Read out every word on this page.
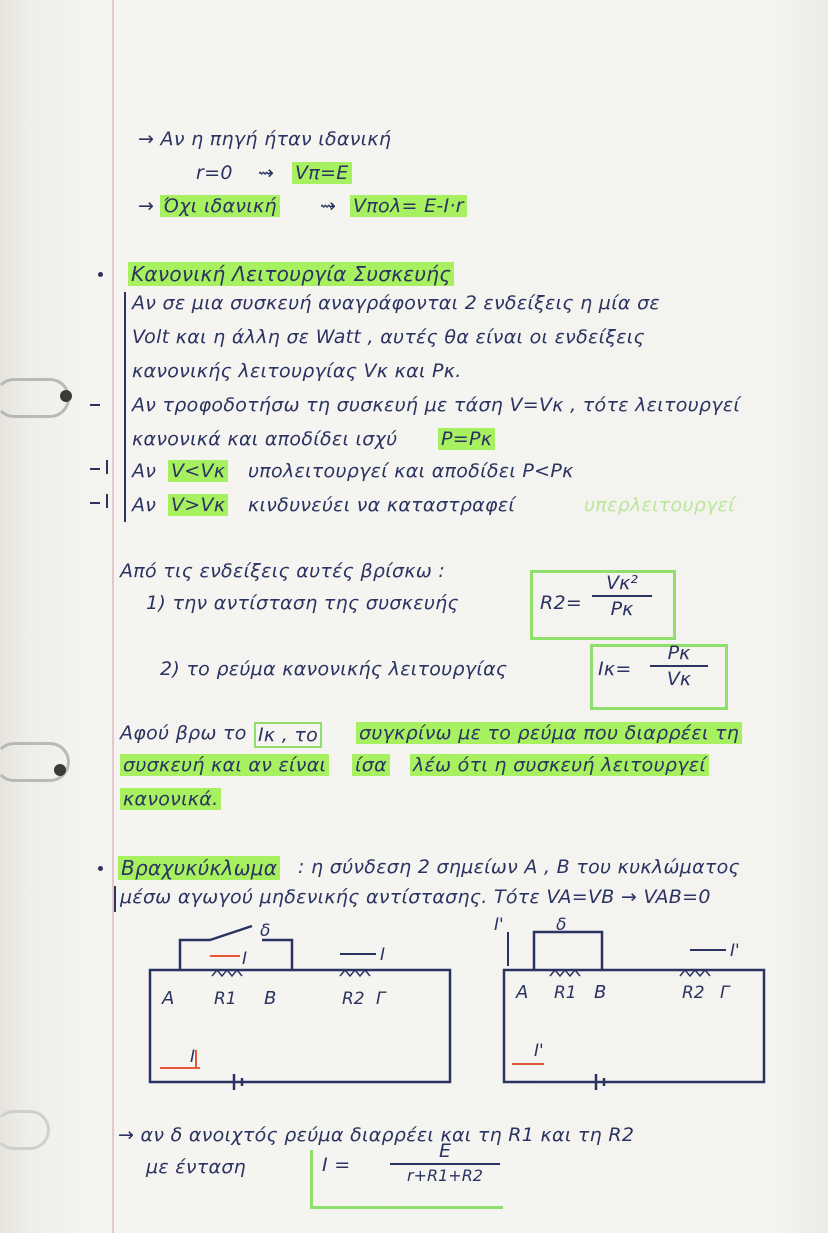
→ Αν η πηγή ήταν ιδανική
r=0 ⇝ Vπ=Ε
→ Όχι ιδανική ⇝ Vπολ= Ε-Ι·r
Κανονική Λειτουργία Συσκευής
Αν σε μια συσκευή αναγράφονται 2 ενδείξεις η μία σε
Volt και η άλλη σε Watt , αυτές θα είναι οι ενδείξεις
κανονικής λειτουργίας Vκ και Pκ.
Αν τροφοδοτήσω τη συσκευή με τάση V=Vκ , τότε λειτουργεί
κανονικά και αποδίδει ισχύ P=Pκ
Αν V<Vκ υπολειτουργεί και αποδίδει P<Pκ
Αν V>Vκ κινδυνεύει να καταστραφεί	υπερλειτουργεί
Από τις ενδείξεις αυτές βρίσκω :
1) την αντίσταση της συσκευής	R2=
Vκ²
Pκ
2) το ρεύμα κανονικής λειτουργίας	Iκ=
Pκ
Vκ
Αφού βρω το Iκ , το συγκρίνω με το ρεύμα που διαρρέει τη
συσκευή και αν είναι ίσα λέω ότι η συσκευή λειτουργεί
κανονικά.
Βραχυκύκλωμα : η σύνδεση 2 σημείων Α , Β του κυκλώματος
μέσω αγωγού μηδενικής αντίστασης. Τότε VA=VB → VAB=0
δ
I
A R1 B
I
R2 Γ
I
I'	δ
A R1 B
I'
R2 Γ
I'
→ αν δ ανοιχτός ρεύμα διαρρέει και τη R1 και τη R2
με ένταση	I =
Ε
r+R1+R2
